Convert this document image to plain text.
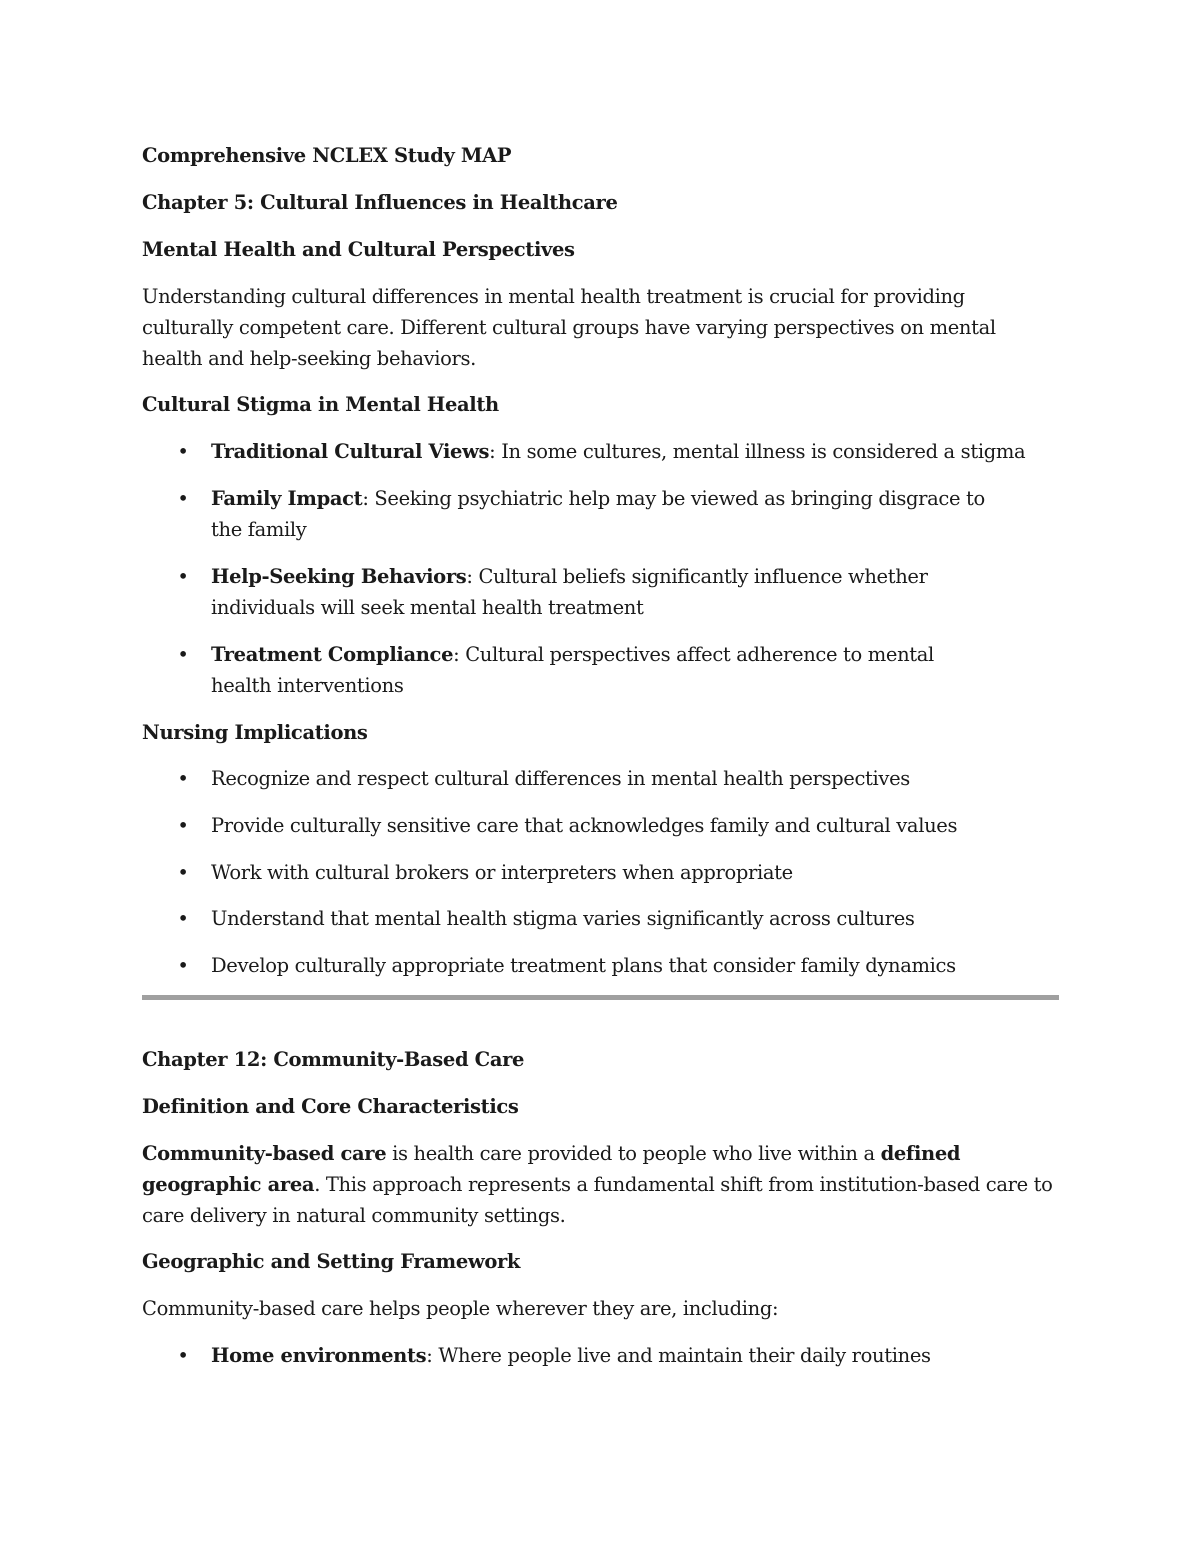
Comprehensive NCLEX Study MAP
Chapter 5: Cultural Influences in Healthcare
Mental Health and Cultural Perspectives
Understanding cultural differences in mental health treatment is crucial for providing culturally competent care. Different cultural groups have varying perspectives on mental health and help-seeking behaviors.
Cultural Stigma in Mental Health
• Traditional Cultural Views: In some cultures, mental illness is considered a stigma
• Family Impact: Seeking psychiatric help may be viewed as bringing disgrace to the family
• Help-Seeking Behaviors: Cultural beliefs significantly influence whether individuals will seek mental health treatment
• Treatment Compliance: Cultural perspectives affect adherence to mental health interventions
Nursing Implications
• Recognize and respect cultural differences in mental health perspectives
• Provide culturally sensitive care that acknowledges family and cultural values
• Work with cultural brokers or interpreters when appropriate
• Understand that mental health stigma varies significantly across cultures
• Develop culturally appropriate treatment plans that consider family dynamics
Chapter 12: Community-Based Care
Definition and Core Characteristics
Community-based care is health care provided to people who live within a defined geographic area. This approach represents a fundamental shift from institution-based care to care delivery in natural community settings.
Geographic and Setting Framework
Community-based care helps people wherever they are, including:
• Home environments: Where people live and maintain their daily routines
